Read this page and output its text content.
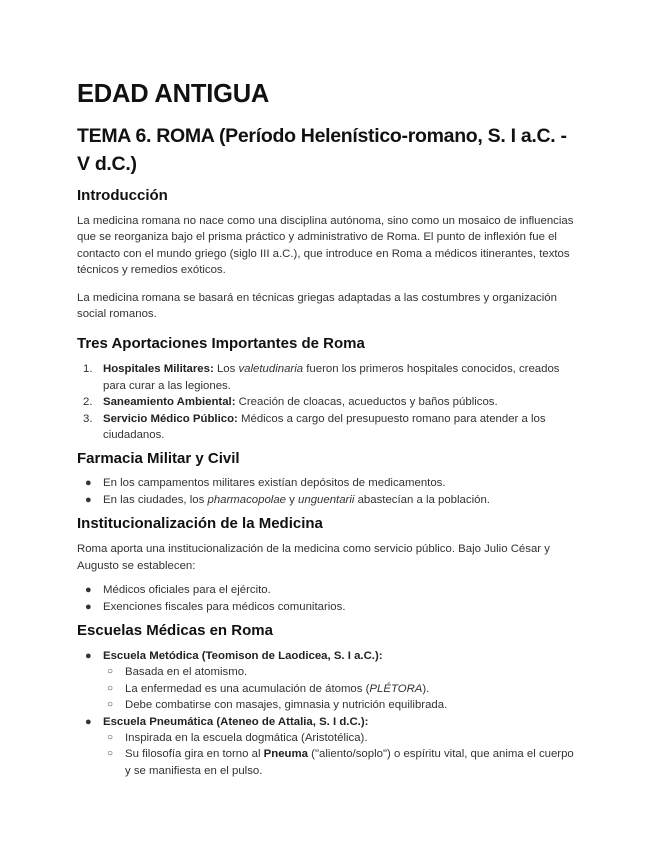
EDAD ANTIGUA
TEMA 6. ROMA (Período Helenístico-romano, S. I a.C. - V d.C.)
Introducción

La medicina romana no nace como una disciplina autónoma, sino como un mosaico de influencias que se reorganiza bajo el prisma práctico y administrativo de Roma. El punto de inflexión fue el contacto con el mundo griego (siglo III a.C.), que introduce en Roma a médicos itinerantes, textos técnicos y remedios exóticos.

La medicina romana se basará en técnicas griegas adaptadas a las costumbres y organización social romanos.

Tres Aportaciones Importantes de Roma
1. Hospitales Militares: Los valetudinaria fueron los primeros hospitales conocidos, creados para curar a las legiones.
2. Saneamiento Ambiental: Creación de cloacas, acueductos y baños públicos.
3. Servicio Médico Público: Médicos a cargo del presupuesto romano para atender a los ciudadanos.
Farmacia Militar y Civil
● En los campamentos militares existían depósitos de medicamentos.
● En las ciudades, los pharmacopolae y unguentarii abastecían a la población.
Institucionalización de la Medicina

Roma aporta una institucionalización de la medicina como servicio público. Bajo Julio César y Augusto se establecen:

● Médicos oficiales para el ejército.
● Exenciones fiscales para médicos comunitarios.
Escuelas Médicas en Roma
● Escuela Metódica (Teomison de Laodicea, S. I a.C.):
○ Basada en el atomismo.
○ La enfermedad es una acumulación de átomos (PLÉTORA).
○ Debe combatirse con masajes, gimnasia y nutrición equilibrada.
● Escuela Pneumática (Ateneo de Attalia, S. I d.C.):
○ Inspirada en la escuela dogmática (Aristotélica).
○ Su filosofía gira en torno al Pneuma ("aliento/soplo") o espíritu vital, que anima el cuerpo y se manifiesta en el pulso.
